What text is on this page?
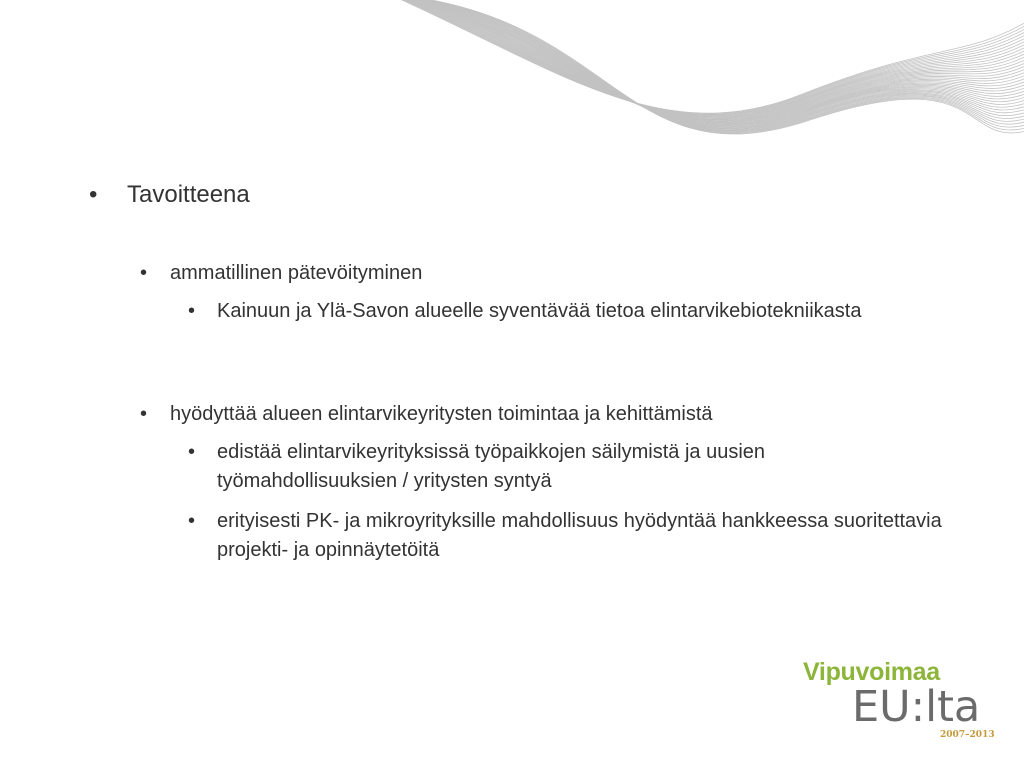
• Tavoitteena
• ammatillinen pätevöityminen
• Kainuun ja Ylä-Savon alueelle syventävää tietoa elintarvikebiotekniikasta
• hyödyttää alueen elintarvikeyritysten toimintaa ja kehittämistä
• edistää elintarvikeyrityksissä työpaikkojen säilymistä ja uusien työmahdollisuuksien / yritysten syntyä
• erityisesti PK- ja mikroyrityksille mahdollisuus hyödyntää hankkeessa suoritettavia projekti- ja opinnäytetöitä
Vipuvoimaa
EU:lta
2007–2013
